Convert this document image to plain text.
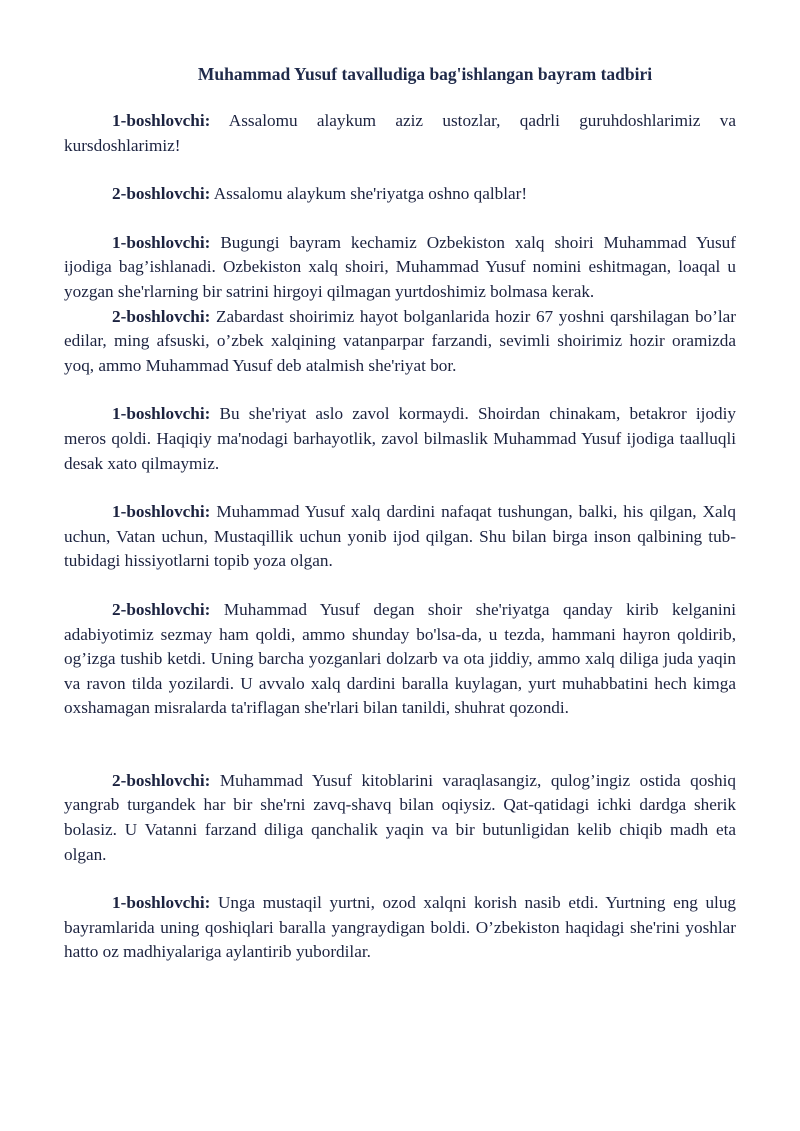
Muhammad Yusuf tavalludiga bag'ishlangan bayram tadbiri

1-boshlovchi: Assalomu alaykum aziz ustozlar, qadrli guruhdoshlarimiz va kursdoshlarimiz!

2-boshlovchi: Assalomu alaykum she'riyatga oshno qalblar!

1-boshlovchi: Bugungi bayram kechamiz Ozbekiston xalq shoiri Muhammad Yusuf ijodiga bag’ishlanadi. Ozbekiston xalq shoiri, Muhammad Yusuf nomini eshitmagan, loaqal u yozgan she'rlarning bir satrini hirgoyi qilmagan yurtdoshimiz bolmasa kerak.

2-boshlovchi: Zabardast shoirimiz hayot bolganlarida hozir 67 yoshni qarshilagan bo’lar edilar, ming afsuski, o’zbek xalqining vatanparpar farzandi, sevimli shoirimiz hozir oramizda yoq, ammo Muhammad Yusuf deb atalmish she'riyat bor.

1-boshlovchi: Bu she'riyat aslo zavol kormaydi. Shoirdan chinakam, betakror ijodiy meros qoldi. Haqiqiy ma'nodagi barhayotlik, zavol bilmaslik Muhammad Yusuf ijodiga taalluqli desak xato qilmaymiz.

1-boshlovchi: Muhammad Yusuf xalq dardini nafaqat tushungan, balki, his qilgan, Xalq uchun, Vatan uchun, Mustaqillik uchun yonib ijod qilgan. Shu bilan birga inson qalbining tub-tubidagi hissiyotlarni topib yoza olgan.

2-boshlovchi: Muhammad Yusuf degan shoir she'riyatga qanday kirib kelganini adabiyotimiz sezmay ham qoldi, ammo shunday bo'lsa-da, u tezda, hammani hayron qoldirib, og’izga tushib ketdi. Uning barcha yozganlari dolzarb va ota jiddiy, ammo xalq diliga juda yaqin va ravon tilda yozilardi. U avvalo xalq dardini baralla kuylagan, yurt muhabbatini hech kimga oxshamagan misralarda ta'riflagan she'rlari bilan tanildi, shuhrat qozondi.

2-boshlovchi: Muhammad Yusuf kitoblarini varaqlasangiz, qulog’ingiz ostida qoshiq yangrab turgandek har bir she'rni zavq-shavq bilan oqiysiz. Qat-qatidagi ichki dardga sherik bolasiz. U Vatanni farzand diliga qanchalik yaqin va bir butunligidan kelib chiqib madh eta olgan.

1-boshlovchi: Unga mustaqil yurtni, ozod xalqni korish nasib etdi. Yurtning eng ulug bayramlarida uning qoshiqlari baralla yangraydigan boldi. O’zbekiston haqidagi she'rini yoshlar hatto oz madhiyalariga aylantirib yubordilar.
